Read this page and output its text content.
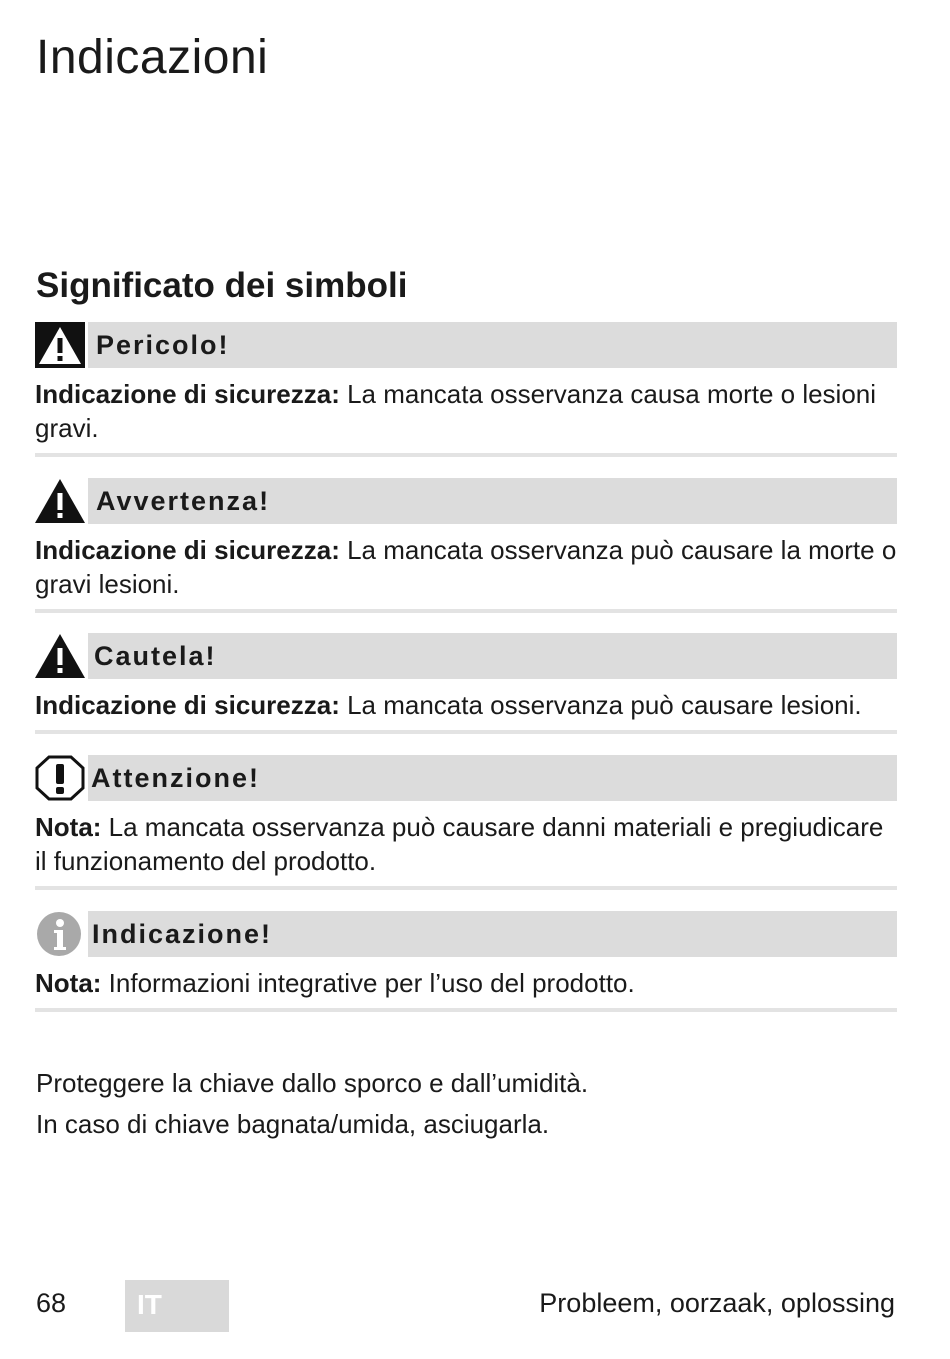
Indicazioni
Significato dei simboli
Pericolo!
Indicazione di sicurezza: La mancata osservanza causa morte o lesioni gravi.
Avvertenza!
Indicazione di sicurezza: La mancata osservanza può causare la morte o gravi lesioni.
Cautela!
Indicazione di sicurezza: La mancata osservanza può causare lesioni.
Attenzione!
Nota: La mancata osservanza può causare danni materiali e pregiudicare il funzionamento del prodotto.
Indicazione!
Nota: Informazioni integrative per l’uso del prodotto.
Proteggere la chiave dallo sporco e dall’umidità.
In caso di chiave bagnata/umida, asciugarla.
68	IT	Probleem, oorzaak, oplossing
